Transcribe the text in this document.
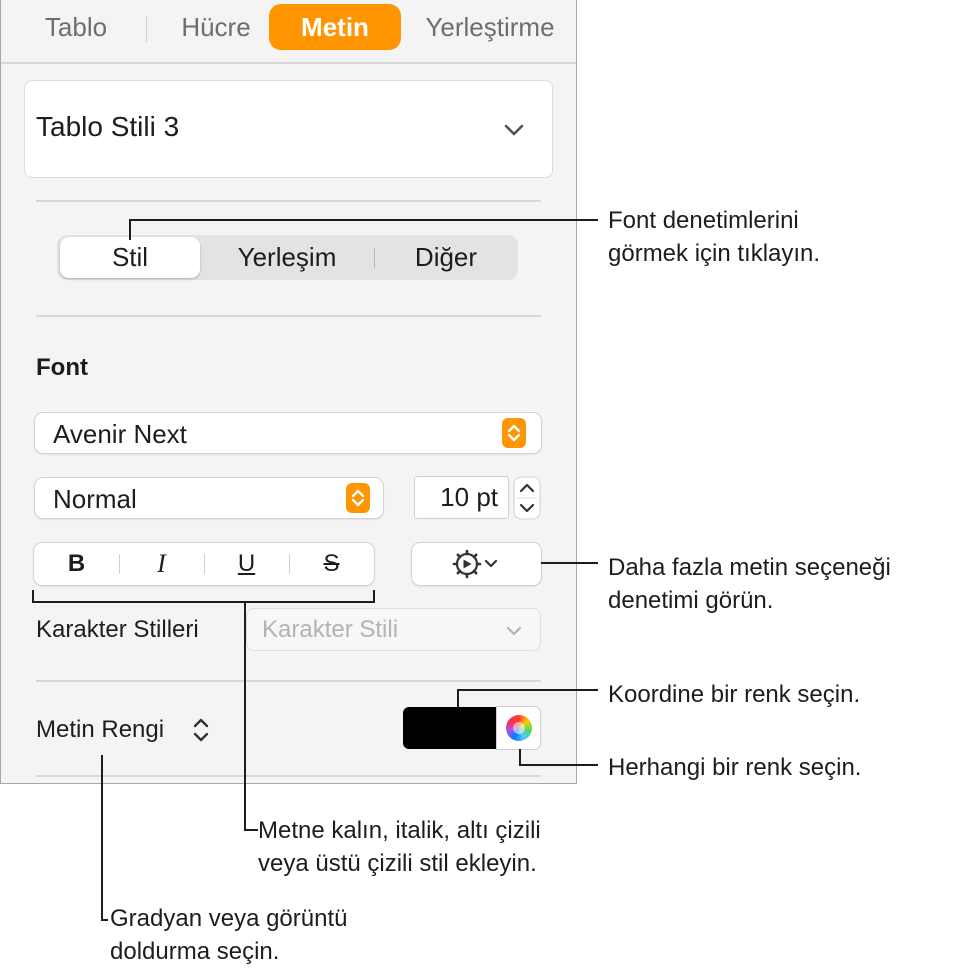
Tablo	Hücre	Metin	Yerleştirme
Tablo Stili 3
Stil	Yerleşim	Diğer
Font
Avenir Next
Normal	10 pt
B	I	U	S
Karakter Stilleri	Karakter Stili
Metin Rengi
Font denetimlerini
görmek için tıklayın.
Daha fazla metin seçeneği
denetimi görün.
Koordine bir renk seçin.
Herhangi bir renk seçin.
Metne kalın, italik, altı çizili
veya üstü çizili stil ekleyin.
Gradyan veya görüntü
doldurma seçin.
